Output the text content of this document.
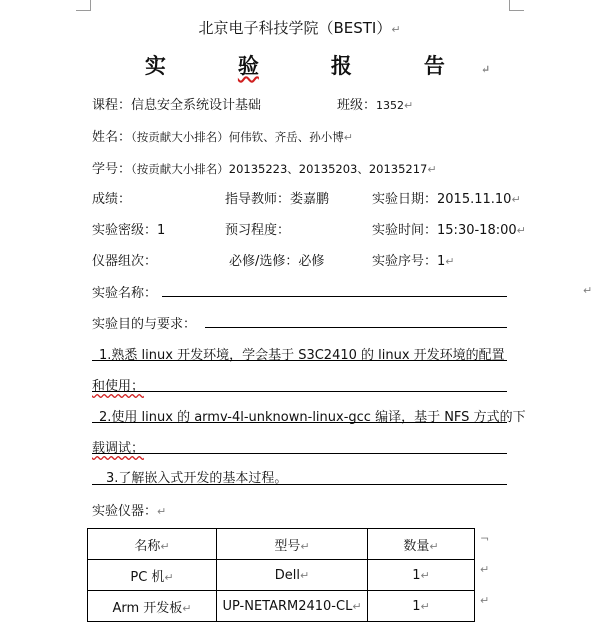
北京电子科技学院（BESTI）↵
实	验	报	告	↵
课程：信息安全系统设计基础	班级：1352↵
姓名：（按贡献大小排名）何伟钦、齐岳、孙小博↵
学号：（按贡献大小排名）20135223、20135203、20135217↵
成绩：	指导教师：娄嘉鹏	实验日期：2015.11.10↵
实验密级：1	预习程度：	实验时间：15:30-18:00↵
仪器组次：	必修/选修：必修	实验序号：1↵
实验名称：	↵
实验目的与要求：
1.熟悉 linux 开发环境，学会基于 S3C2410 的 linux 开发环境的配置
和使用；
2.使用 linux 的 armv-4l-unknown-linux-gcc 编译，基于 NFS 方式的下
载调试；
3.了解嵌入式开发的基本过程。
实验仪器：↵
名称↵	型号↵	数量↵
PC 机↵	Dell↵	1↵
Arm 开发板↵	UP-NETARM2410-CL↵	1↵
¬
↵
↵
